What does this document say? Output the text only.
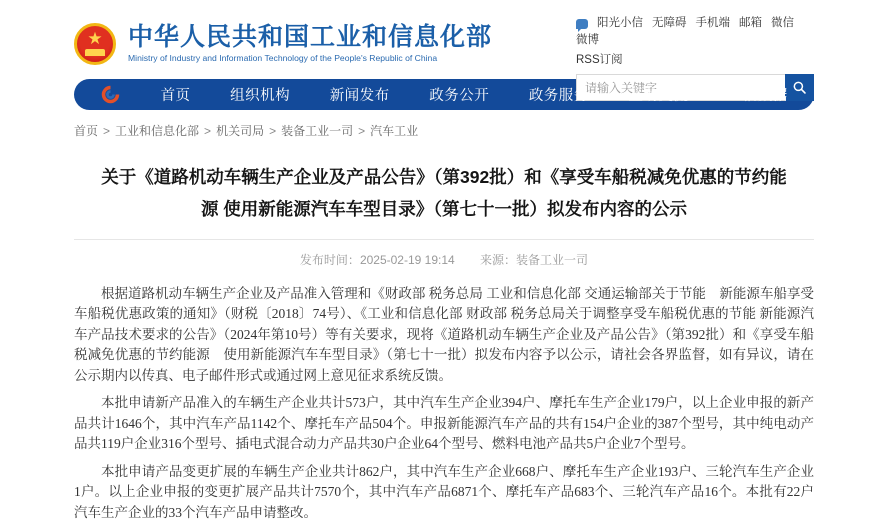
★	中华人民共和国工业和信息化部
Ministry of Industry and Information Technology of the People's Republic of China
阳光小信 无障碍 手机端 邮箱 微信
微博
RSS订阅
请输入关键字
首页	组织机构	新闻发布	政务公开	政务服务	互动交流	工信数据
首页 > 工业和信息化部 > 机关司局 > 装备工业一司 > 汽车工业
关于《道路机动车辆生产企业及产品公告》（第392批）和《享受车船税减免优惠的节约能源 使用新能源汽车车型目录》（第七十一批）拟发布内容的公示
发布时间：2025-02-19 19:14 来源：装备工业一司

根据道路机动车辆生产企业及产品准入管理和《财政部 税务总局 工业和信息化部 交通运输部关于节能　新能源车船享受车船税优惠政策的通知》（财税〔2018〕74号）、《工业和信息化部 财政部 税务总局关于调整享受车船税优惠的节能 新能源汽车产品技术要求的公告》（2024年第10号）等有关要求，现将《道路机动车辆生产企业及产品公告》（第392批）和《享受车船税减免优惠的节约能源　使用新能源汽车车型目录》（第七十一批）拟发布内容予以公示，请社会各界监督，如有异议，请在公示期内以传真、电子邮件形式或通过网上意见征求系统反馈。

本批申请新产品准入的车辆生产企业共计573户，其中汽车生产企业394户、摩托车生产企业179户，以上企业申报的新产品共计1646个，其中汽车产品1142个、摩托车产品504个。申报新能源汽车产品的共有154户企业的387个型号，其中纯电动产品共119户企业316个型号、插电式混合动力产品共30户企业64个型号、燃料电池产品共5户企业7个型号。

本批申请产品变更扩展的车辆生产企业共计862户，其中汽车生产企业668户、摩托车生产企业193户、三轮汽车生产企业1户。以上企业申报的变更扩展产品共计7570个，其中汽车产品6871个、摩托车产品683个、三轮汽车产品16个。本批有22户汽车生产企业的33个汽车产品申请整改。
